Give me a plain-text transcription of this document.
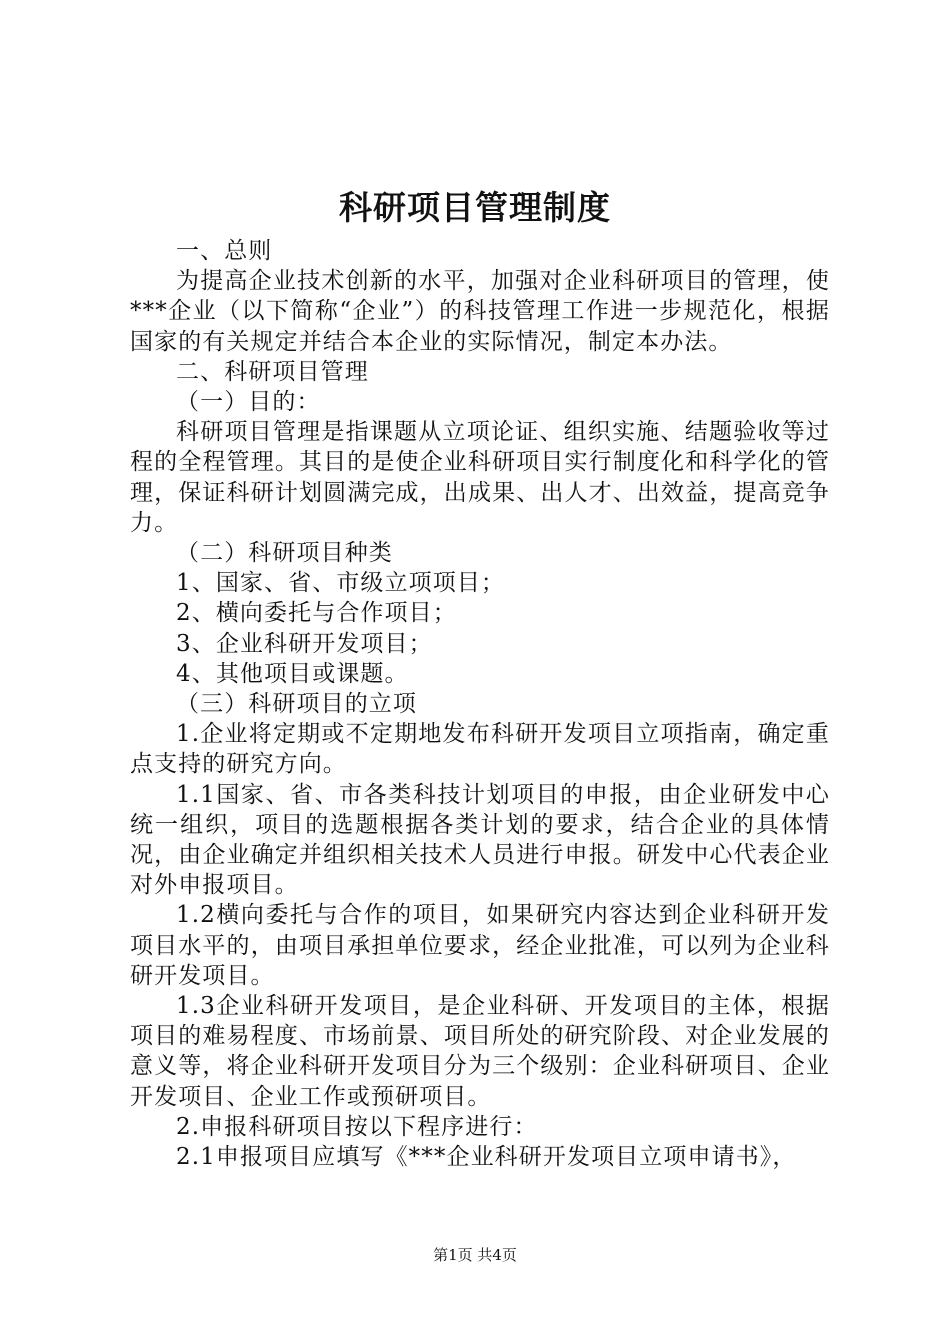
科研项目管理制度

一、总则

为提高企业技术创新的水平，加强对企业科研项目的管理，使***企业（以下简称“企业”）的科技管理工作进一步规范化，根据国家的有关规定并结合本企业的实际情况，制定本办法。

二、科研项目管理

（一）目的：

科研项目管理是指课题从立项论证、组织实施、结题验收等过程的全程管理。其目的是使企业科研项目实行制度化和科学化的管理，保证科研计划圆满完成，出成果、出人才、出效益，提高竞争力。

（二）科研项目种类

1、国家、省、市级立项项目；

2、横向委托与合作项目；

3、企业科研开发项目；

4、其他项目或课题。

（三）科研项目的立项

1.企业将定期或不定期地发布科研开发项目立项指南，确定重点支持的研究方向。

1.1国家、省、市各类科技计划项目的申报，由企业研发中心统一组织，项目的选题根据各类计划的要求，结合企业的具体情况，由企业确定并组织相关技术人员进行申报。研发中心代表企业对外申报项目。

1.2横向委托与合作的项目，如果研究内容达到企业科研开发项目水平的，由项目承担单位要求，经企业批准，可以列为企业科研开发项目。

1.3企业科研开发项目，是企业科研、开发项目的主体，根据项目的难易程度、市场前景、项目所处的研究阶段、对企业发展的意义等，将企业科研开发项目分为三个级别：企业科研项目、企业开发项目、企业工作或预研项目。

2.申报科研项目按以下程序进行：

2.1申报项目应填写《***企业科研开发项目立项申请书》，

第1页 共4页
